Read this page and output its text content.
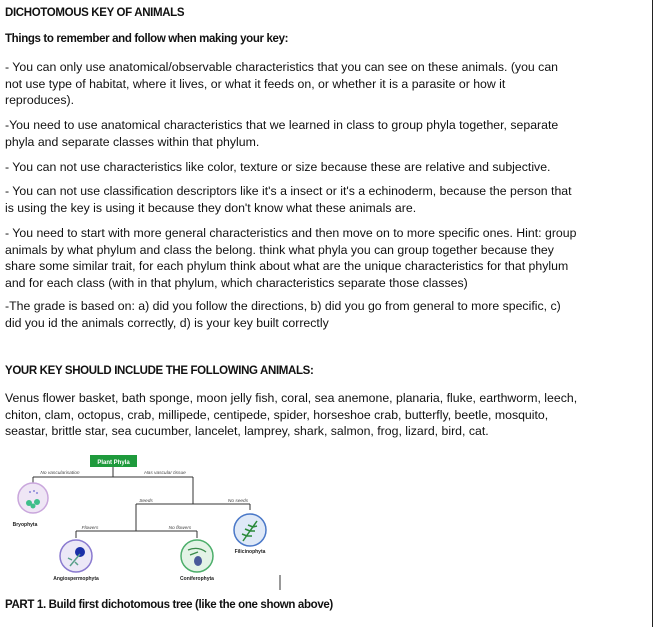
DICHOTOMOUS KEY OF ANIMALS
Things to remember and follow when making your key:
- You can only use anatomical/observable characteristics that you can see on these animals. (you can
not use type of habitat, where it lives, or what it feeds on, or whether it is a parasite or how it
reproduces).
-You need to use anatomical characteristics that we learned in class to group phyla together, separate
phyla and separate classes within that phylum.
- You can not use characteristics like color, texture or size because these are relative and subjective.
- You can not use classification descriptors like it's a insect or it's a echinoderm, because the person that
is using the key is using it because they don't know what these animals are.
- You need to start with more general characteristics and then move on to more specific ones. Hint: group
animals by what phylum and class the belong. think what phyla you can group together because they
share some similar trait, for each phylum think about what are the unique characteristics for that phylum
and for each class (with in that phylum, which characteristics separate those classes)
-The grade is based on: a) did you follow the directions, b) did you go from general to more specific, c)
did you id the animals correctly, d) is your key built correctly
YOUR KEY SHOULD INCLUDE THE FOLLOWING ANIMALS:
Venus flower basket, bath sponge, moon jelly fish, coral, sea anemone, planaria, fluke, earthworm, leech,
chiton, clam, octopus, crab, millipede, centipede, spider, horseshoe crab, butterfly, beetle, mosquito,
seastar, brittle star, sea cucumber, lancelet, lamprey, shark, salmon, frog, lizard, bird, cat.
Plant Phyla
No vascularisation	Has vascular tissue
Seeds	No seeds
Flowers	No flowers
Bryophyta
Filicinophyta
Angiospermophyta	Coniferophyta
PART 1. Build first dichotomous tree (like the one shown above)
